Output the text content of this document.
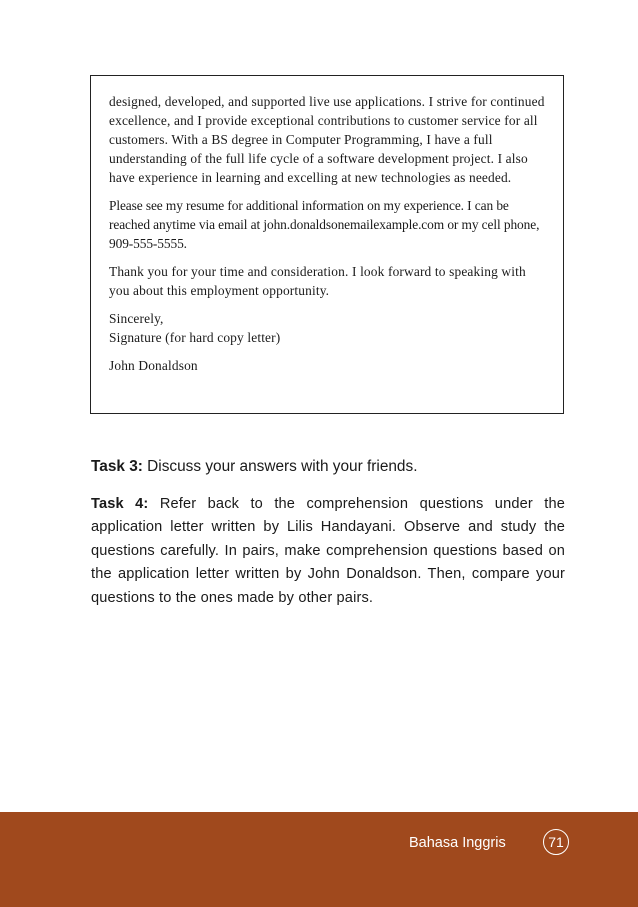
designed, developed, and supported live use applications. I strive for continued excellence, and I provide exceptional contributions to customer service for all customers. With a BS degree in Computer Programming, I have a full understanding of the full life cycle of a software development project. I also have experience in learning and excelling at new technologies as needed.

Please see my resume for additional information on my experience. I can be reached anytime via email at john.donaldsonemailexample.com or my cell phone, 909-555-5555.

Thank you for your time and consideration. I look forward to speaking with you about this employment opportunity.

Sincerely,
Signature (for hard copy letter)

John Donaldson

Task 3: Discuss your answers with your friends.

Task 4: Refer back to the comprehension questions under the application letter written by Lilis Handayani. Observe and study the questions carefully. In pairs, make comprehension questions based on the application letter written by John Donaldson. Then, compare your questions to the ones made by other pairs.

Bahasa Inggris	71
